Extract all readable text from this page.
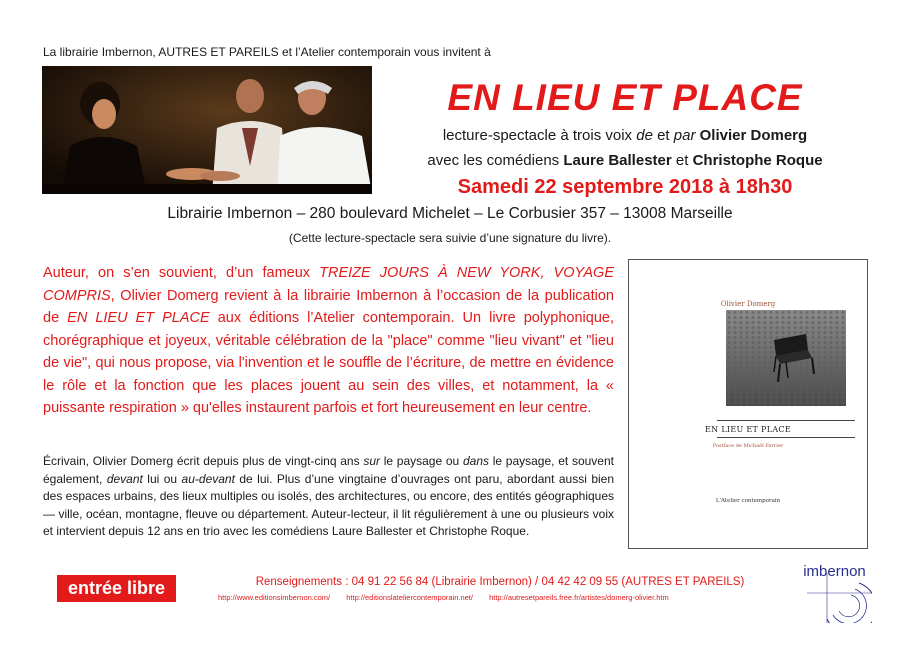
La librairie Imbernon, AUTRES ET PAREILS et l’Atelier contemporain vous invitent à
EN LIEU ET PLACE
lecture-spectacle à trois voix de et par Olivier Domerg
avec les comédiens Laure Ballester et Christophe Roque
Samedi 22 septembre 2018 à 18h30
Librairie Imbernon – 280 boulevard Michelet – Le Corbusier 357 – 13008 Marseille
(Cette lecture-spectacle sera suivie d’une signature du livre).
Auteur, on s’en souvient, d’un fameux TREIZE JOURS À NEW YORK, VOYAGE COMPRIS, Olivier Domerg revient à la librairie Imbernon à l’occasion de la publication de EN LIEU ET PLACE aux éditions l’Atelier contemporain. Un livre polyphonique, chorégraphique et joyeux, véritable célébration de la "place" comme "lieu vivant" et "lieu de vie", qui nous propose, via l'invention et le souffle de l’écriture, de mettre en évidence le rôle et la fonction que les places jouent au sein des villes, et notamment, la « puissante respiration » qu'elles instaurent parfois et fort heureusement en leur centre.
Écrivain, Olivier Domerg écrit depuis plus de vingt-cinq ans sur le paysage ou dans le paysage, et souvent également, devant lui ou au-devant de lui. Plus d’une vingtaine d’ouvrages ont paru, abordant aussi bien des espaces urbains, des lieux multiples ou isolés, des architectures, ou encore, des entités géographiques — ville, océan, montagne, fleuve ou département. Auteur-lecteur, il lit régulièrement à une ou plusieurs voix et intervient depuis 12 ans en trio avec les comédiens Laure Ballester et Christophe Roque.
Olivier Domerg
EN LIEU ET PLACE
Postface de Michaël Ferrier
L'Atelier contemporain
entrée libre	Renseignements : 04 91 22 56 84 (Librairie Imbernon) / 04 42 42 09 55 (AUTRES ET PAREILS)
http://www.editionsimbernon.com/ http://editionslateliercontemporain.net/ http://autresetpareils.free.fr/artistes/domerg-olivier.htm
imbernon
